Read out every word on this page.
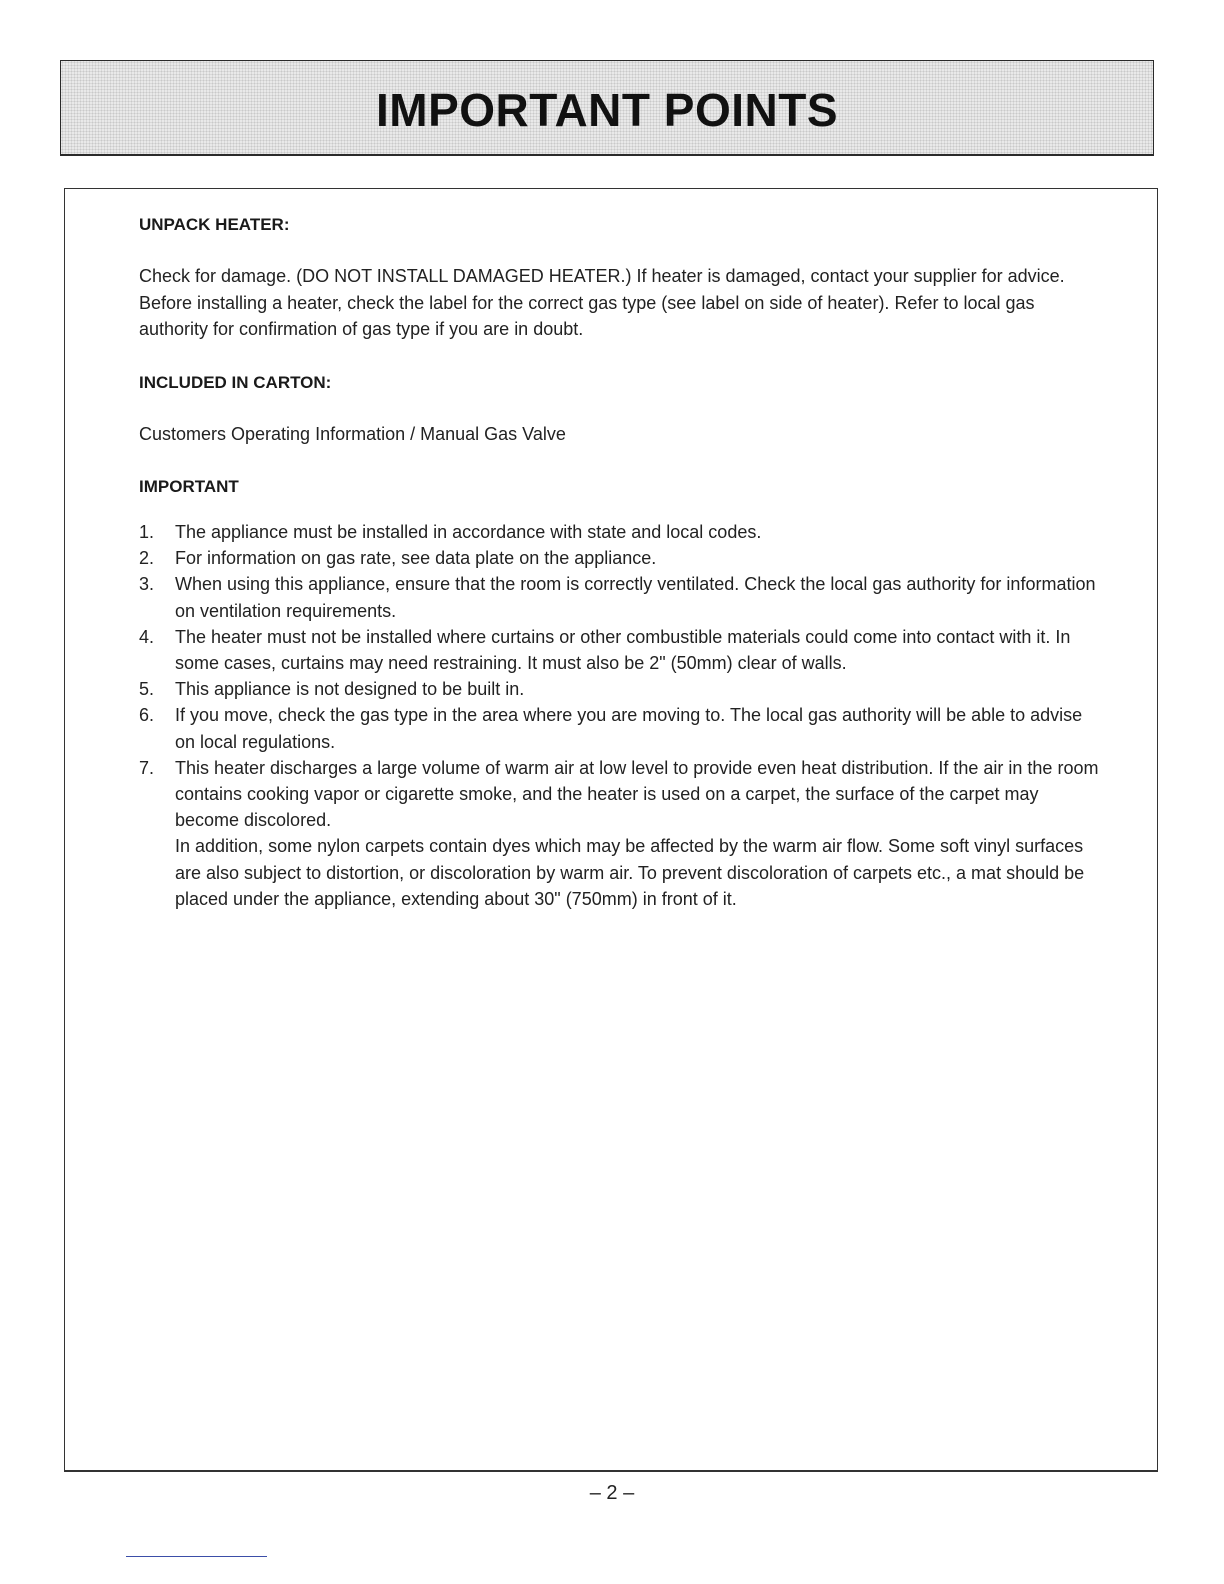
IMPORTANT POINTS
UNPACK HEATER:

Check for damage. (DO NOT INSTALL DAMAGED HEATER.) If heater is damaged, contact your supplier for advice. Before installing a heater, check the label for the correct gas type (see label on side of heater). Refer to local gas authority for confirmation of gas type if you are in doubt.

INCLUDED IN CARTON:

Customers Operating Information / Manual Gas Valve

IMPORTANT
1. The appliance must be installed in accordance with state and local codes.
2. For information on gas rate, see data plate on the appliance.
3. When using this appliance, ensure that the room is correctly ventilated. Check the local gas authority for information on ventilation requirements.
4. The heater must not be installed where curtains or other combustible materials could come into contact with it. In some cases, curtains may need restraining. It must also be 2" (50mm) clear of walls.
5. This appliance is not designed to be built in.
6. If you move, check the gas type in the area where you are moving to. The local gas authority will be able to advise on local regulations.
7. This heater discharges a large volume of warm air at low level to provide even heat distribution. If the air in the room contains cooking vapor or cigarette smoke, and the heater is used on a carpet, the surface of the carpet may become discolored.
In addition, some nylon carpets contain dyes which may be affected by the warm air flow. Some soft vinyl surfaces are also subject to distortion, or discoloration by warm air. To prevent discoloration of carpets etc., a mat should be placed under the appliance, extending about 30" (750mm) in front of it.
– 2 –
